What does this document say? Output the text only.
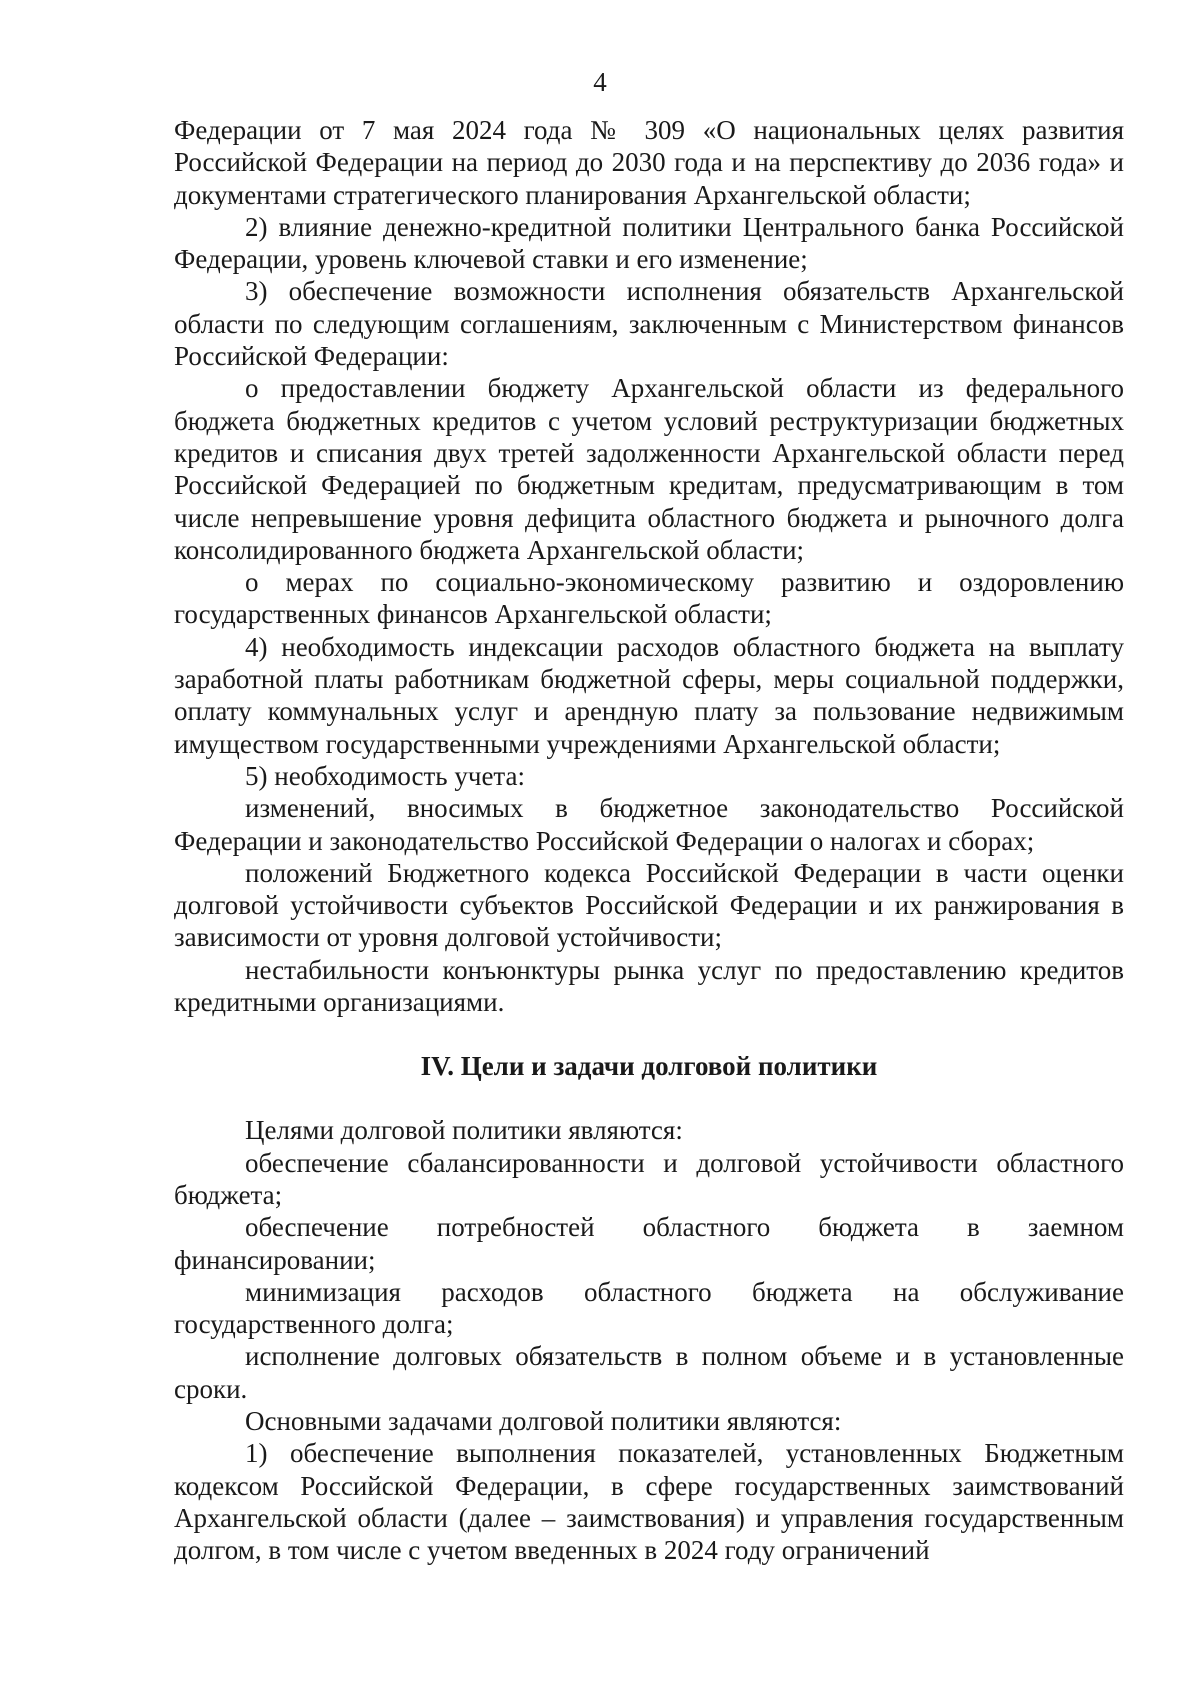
4

Федерации от 7 мая 2024 года № 309 «О национальных целях развития Российской Федерации на период до 2030 года и на перспективу до 2036 года» и документами стратегического планирования Архангельской области;

2) влияние денежно-кредитной политики Центрального банка Российской Федерации, уровень ключевой ставки и его изменение;

3) обеспечение возможности исполнения обязательств Архангельской области по следующим соглашениям, заключенным с Министерством финансов Российской Федерации:

о предоставлении бюджету Архангельской области из федерального бюджета бюджетных кредитов с учетом условий реструктуризации бюджетных кредитов и списания двух третей задолженности Архангельской области перед Российской Федерацией по бюджетным кредитам, предусматривающим в том числе непревышение уровня дефицита областного бюджета и рыночного долга консолидированного бюджета Архангельской области;

о мерах по социально-экономическому развитию и оздоровлению государственных финансов Архангельской области;

4) необходимость индексации расходов областного бюджета на выплату заработной платы работникам бюджетной сферы, меры социальной поддержки, оплату коммунальных услуг и арендную плату за пользование недвижимым имуществом государственными учреждениями Архангельской области;

5) необходимость учета:

изменений, вносимых в бюджетное законодательство Российской Федерации и законодательство Российской Федерации о налогах и сборах;

положений Бюджетного кодекса Российской Федерации в части оценки долговой устойчивости субъектов Российской Федерации и их ранжирования в зависимости от уровня долговой устойчивости;

нестабильности конъюнктуры рынка услуг по предоставлению кредитов кредитными организациями.

IV. Цели и задачи долговой политики

Целями долговой политики являются:

обеспечение сбалансированности и долговой устойчивости областного бюджета;

обеспечение потребностей областного бюджета в заемном финансировании;

минимизация расходов областного бюджета на обслуживание государственного долга;

исполнение долговых обязательств в полном объеме и в установленные сроки.

Основными задачами долговой политики являются:

1) обеспечение выполнения показателей, установленных Бюджетным кодексом Российской Федерации, в сфере государственных заимствований Архангельской области (далее – заимствования) и управления государственным долгом, в том числе с учетом введенных в 2024 году ограничений
